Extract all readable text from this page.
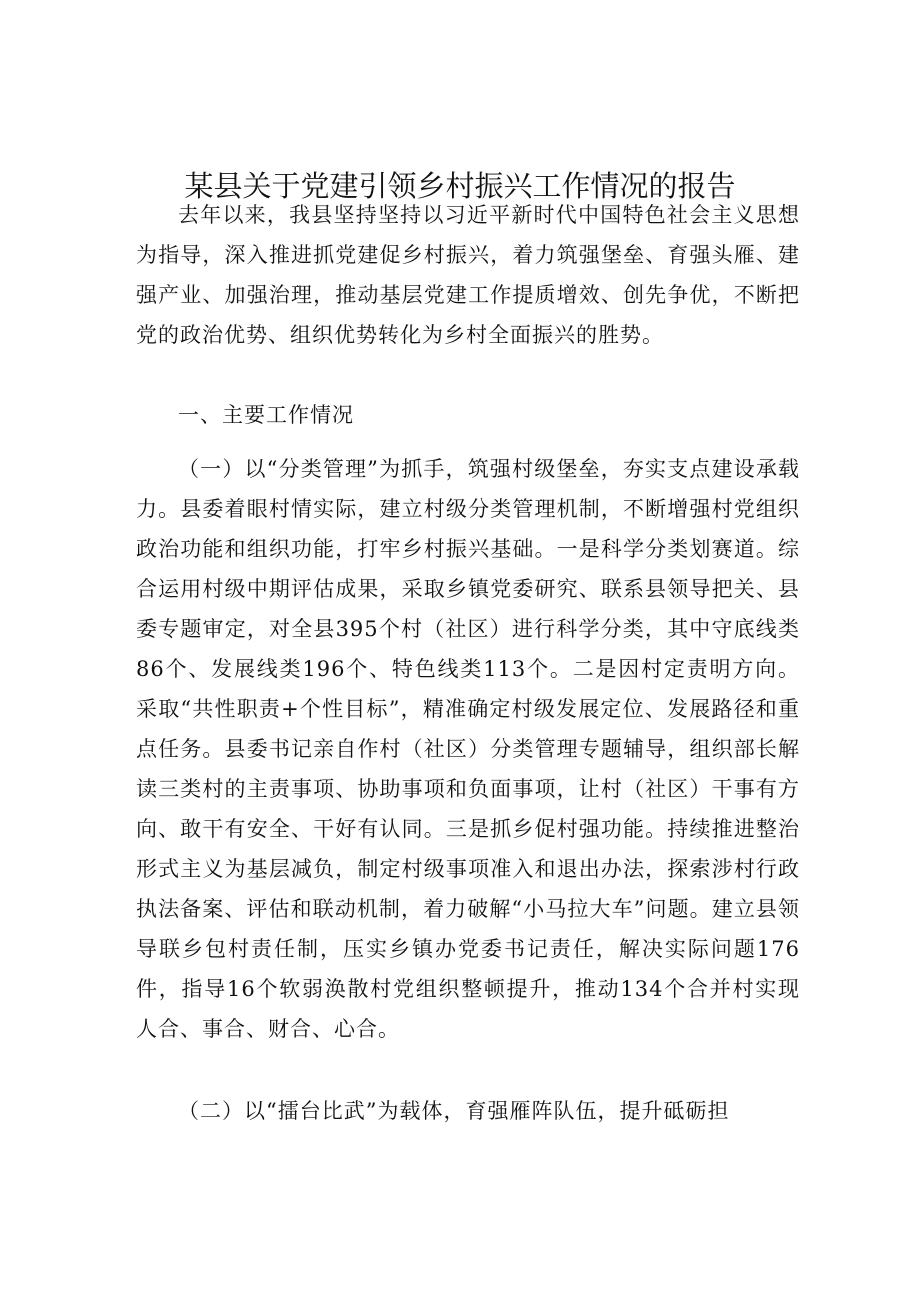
某县关于党建引领乡村振兴工作情况的报告

去年以来，我县坚持坚持以习近平新时代中国特色社会主义思想为指导，深入推进抓党建促乡村振兴，着力筑强堡垒、育强头雁、建强产业、加强治理，推动基层党建工作提质增效、创先争优，不断把党的政治优势、组织优势转化为乡村全面振兴的胜势。

一、主要工作情况

（一）以“分类管理”为抓手，筑强村级堡垒，夯实支点建设承载力。县委着眼村情实际，建立村级分类管理机制，不断增强村党组织政治功能和组织功能，打牢乡村振兴基础。一是科学分类划赛道。综合运用村级中期评估成果，采取乡镇党委研究、联系县领导把关、县委专题审定，对全县395个村（社区）进行科学分类，其中守底线类86个、发展线类196个、特色线类113个。二是因村定责明方向。采取“共性职责+个性目标”，精准确定村级发展定位、发展路径和重点任务。县委书记亲自作村（社区）分类管理专题辅导，组织部长解读三类村的主责事项、协助事项和负面事项，让村（社区）干事有方向、敢干有安全、干好有认同。三是抓乡促村强功能。持续推进整治形式主义为基层减负，制定村级事项准入和退出办法，探索涉村行政执法备案、评估和联动机制，着力破解“小马拉大车”问题。建立县领导联乡包村责任制，压实乡镇办党委书记责任，解决实际问题176件，指导16个软弱涣散村党组织整顿提升，推动134个合并村实现人合、事合、财合、心合。

（二）以“擂台比武”为载体，育强雁阵队伍，提升砥砺担
